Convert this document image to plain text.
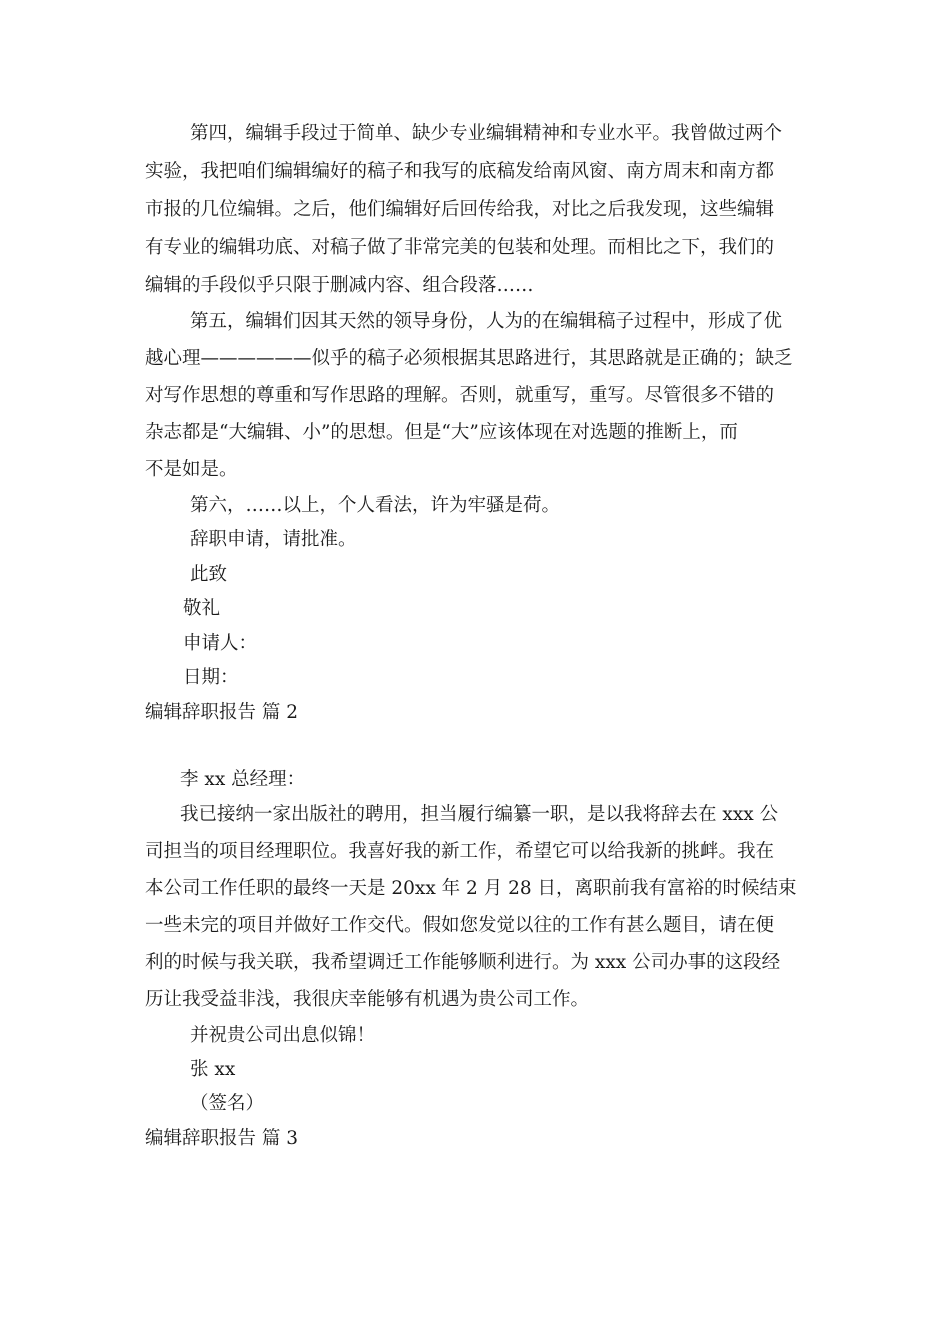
第四，编辑手段过于简单、缺少专业编辑精神和专业水平。我曾做过两个
实验，我把咱们编辑编好的稿子和我写的底稿发给南风窗、南方周末和南方都
市报的几位编辑。之后，他们编辑好后回传给我，对比之后我发现，这些编辑
有专业的编辑功底、对稿子做了非常完美的包装和处理。而相比之下，我们的
编辑的手段似乎只限于删减内容、组合段落……
第五，编辑们因其天然的领导身份，人为的在编辑稿子过程中，形成了优
越心理——————似乎的稿子必须根据其思路进行，其思路就是正确的；缺乏
对写作思想的尊重和写作思路的理解。否则，就重写，重写。尽管很多不错的
杂志都是“大编辑、小”的思想。但是“大”应该体现在对选题的推断上，而
不是如是。
第六，……以上，个人看法，许为牢骚是荷。
辞职申请，请批准。
此致
敬礼
申请人：
日期：
编辑辞职报告 篇 2
李 xx 总经理：
我已接纳一家出版社的聘用，担当履行编纂一职，是以我将辞去在 xxx 公
司担当的项目经理职位。我喜好我的新工作，希望它可以给我新的挑衅。我在
本公司工作任职的最终一天是 20xx 年 2 月 28 日，离职前我有富裕的时候结束
一些未完的项目并做好工作交代。假如您发觉以往的工作有甚么题目，请在便
利的时候与我关联，我希望调迁工作能够顺利进行。为 xxx 公司办事的这段经
历让我受益非浅，我很庆幸能够有机遇为贵公司工作。
并祝贵公司出息似锦！
张 xx
（签名）
编辑辞职报告 篇 3
